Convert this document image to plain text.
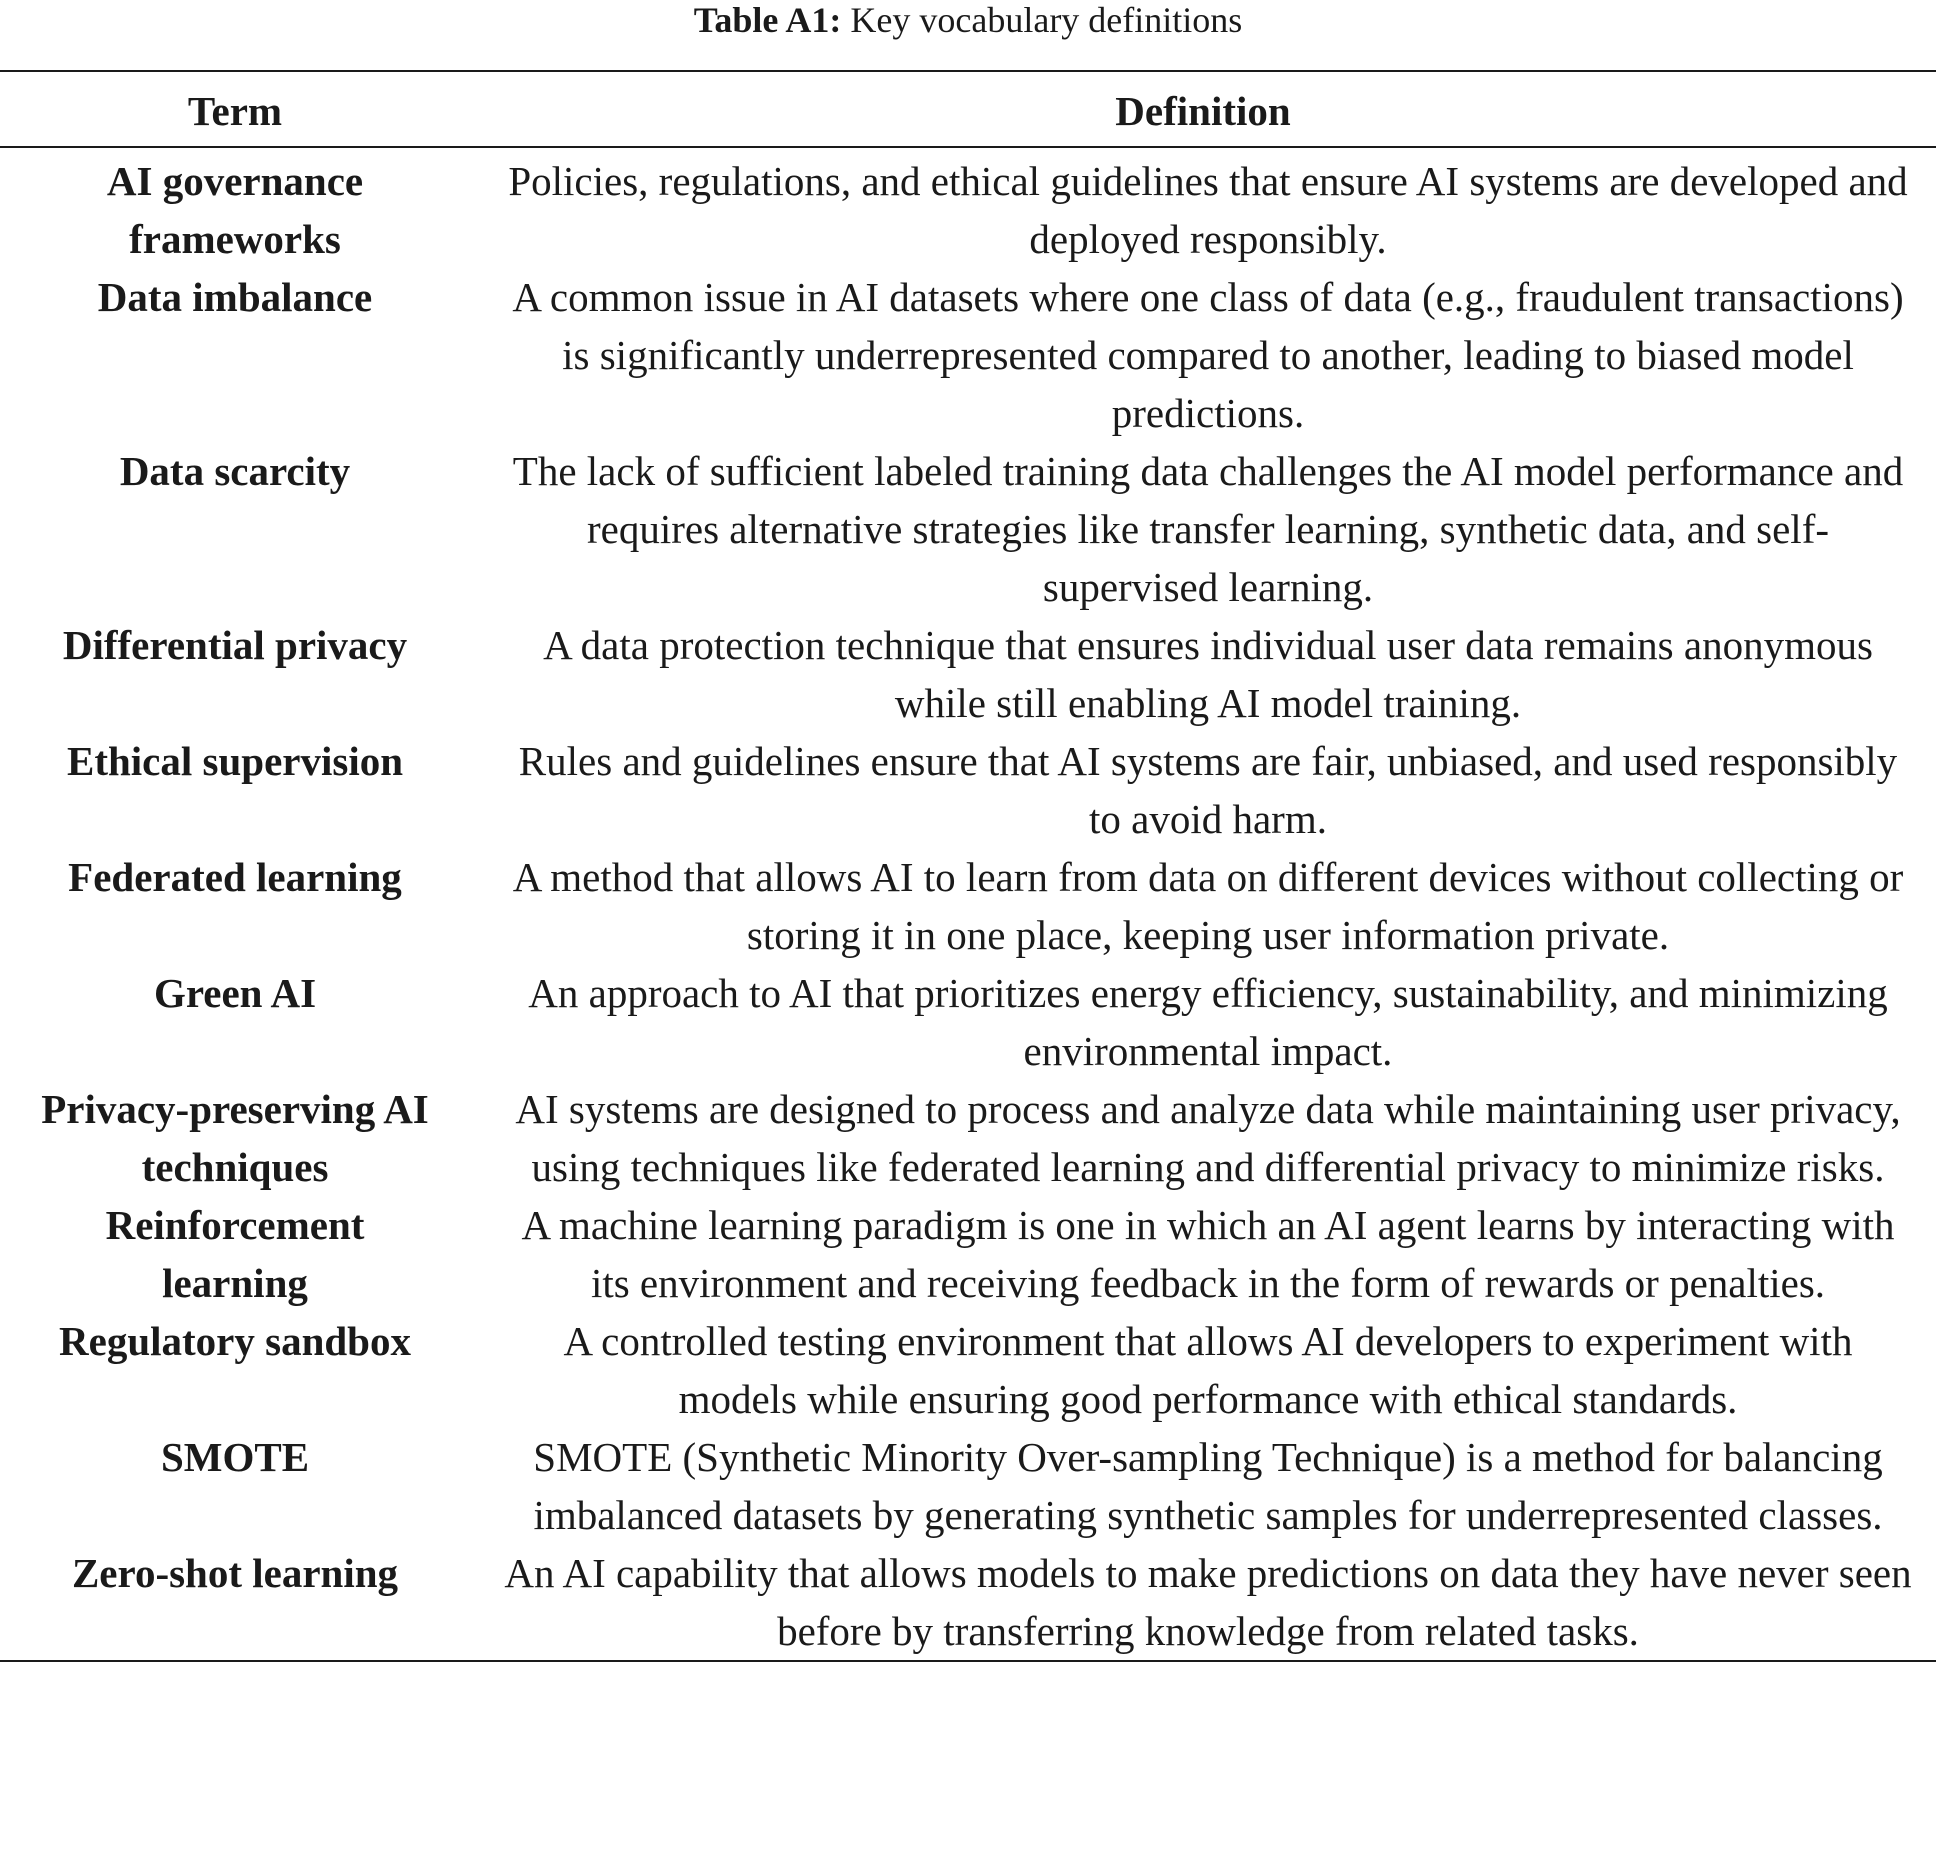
Table A1: Key vocabulary definitions
Term	Definition
AI governance frameworks	Policies, regulations, and ethical guidelines that ensure AI systems are developed and deployed responsibly.
Data imbalance	A common issue in AI datasets where one class of data (e.g., fraudulent transactions) is significantly underrepresented compared to another, leading to biased model predictions.
Data scarcity	The lack of sufficient labeled training data challenges the AI model performance and requires alternative strategies like transfer learning, synthetic data, and self-supervised learning.
Differential privacy	A data protection technique that ensures individual user data remains anonymous while still enabling AI model training.
Ethical supervision	Rules and guidelines ensure that AI systems are fair, unbiased, and used responsibly to avoid harm.
Federated learning	A method that allows AI to learn from data on different devices without collecting or storing it in one place, keeping user information private.
Green AI	An approach to AI that prioritizes energy efficiency, sustainability, and minimizing environmental impact.
Privacy-preserving AI techniques	AI systems are designed to process and analyze data while maintaining user privacy, using techniques like federated learning and differential privacy to minimize risks.
Reinforcement learning	A machine learning paradigm is one in which an AI agent learns by interacting with its environment and receiving feedback in the form of rewards or penalties.
Regulatory sandbox	A controlled testing environment that allows AI developers to experiment with models while ensuring good performance with ethical standards.
SMOTE	SMOTE (Synthetic Minority Over-sampling Technique) is a method for balancing imbalanced datasets by generating synthetic samples for underrepresented classes.
Zero-shot learning	An AI capability that allows models to make predictions on data they have never seen before by transferring knowledge from related tasks.
